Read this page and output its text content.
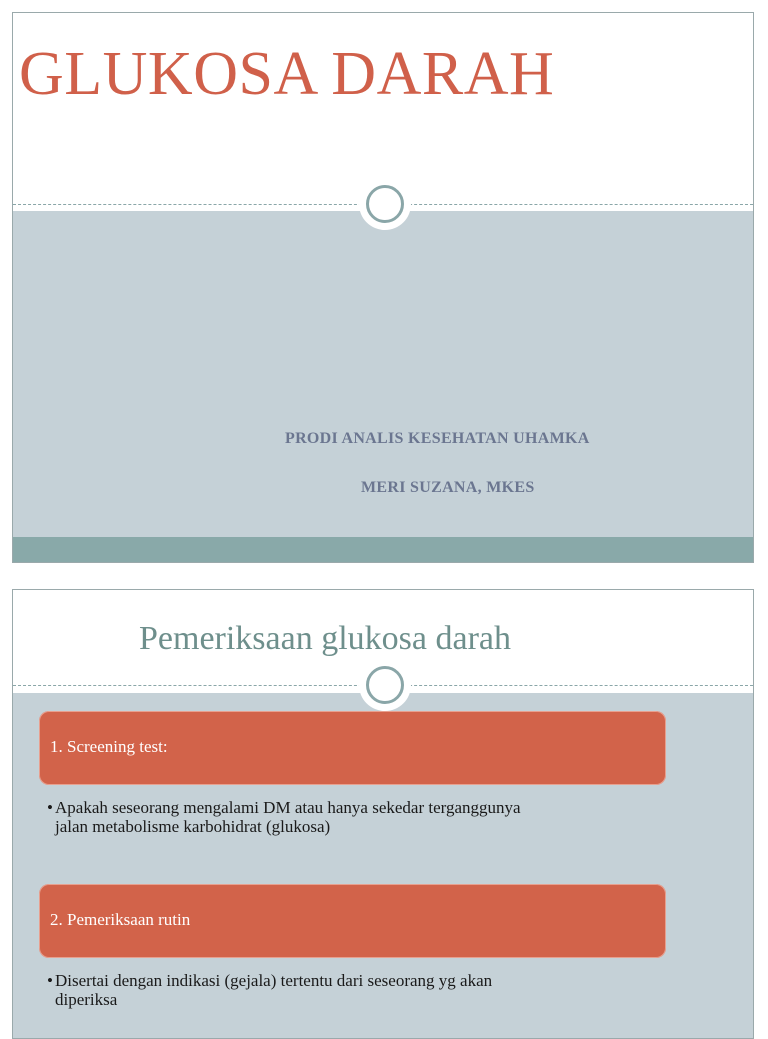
GLUKOSA DARAH
PRODI ANALIS KESEHATAN UHAMKA
MERI SUZANA, MKES
Pemeriksaan glukosa darah
1. Screening test:
• Apakah seseorang mengalami DM atau hanya sekedar terganggunya
jalan metabolisme karbohidrat (glukosa)
2. Pemeriksaan rutin
• Disertai dengan indikasi (gejala) tertentu dari seseorang yg akan
diperiksa
